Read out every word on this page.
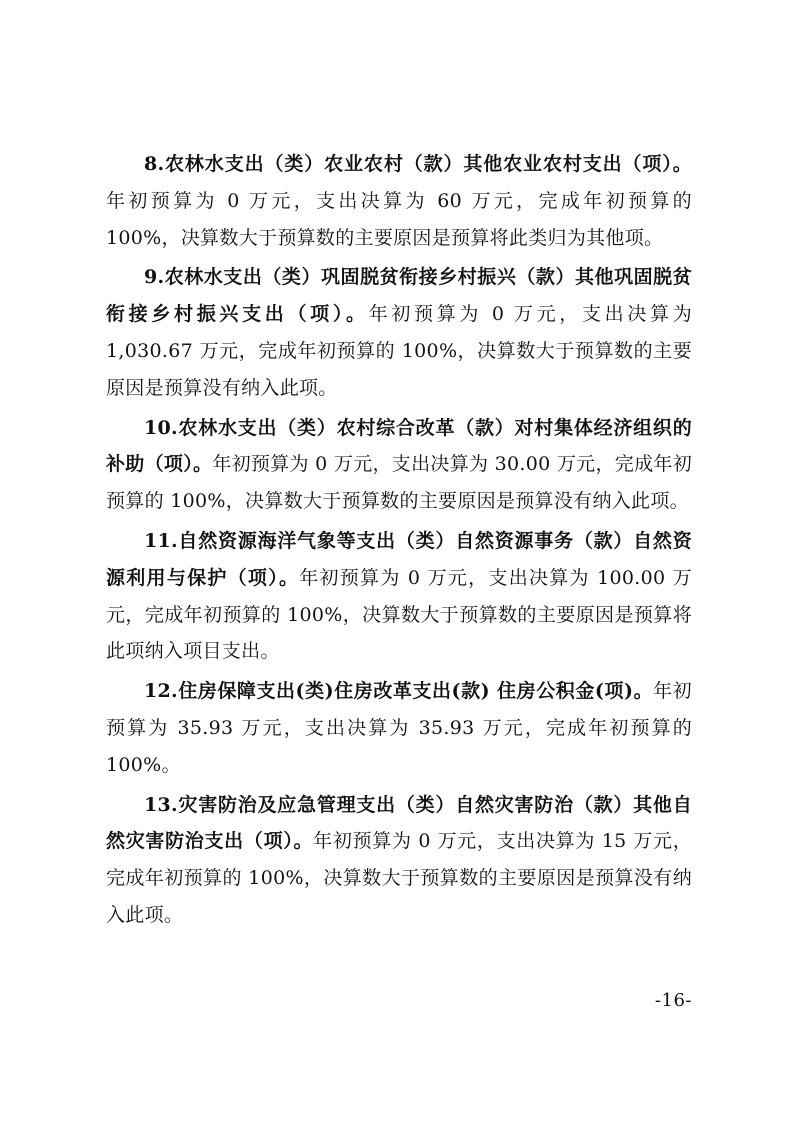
8.农林水支出（类）农业农村（款）其他农业农村支出（项）。年初预算为 0 万元，支出决算为 60 万元，完成年初预算的 100%，决算数大于预算数的主要原因是预算将此类归为其他项。

9.农林水支出（类）巩固脱贫衔接乡村振兴（款）其他巩固脱贫衔接乡村振兴支出（项）。年初预算为 0 万元，支出决算为 1,030.67 万元，完成年初预算的 100%，决算数大于预算数的主要原因是预算没有纳入此项。

10.农林水支出（类）农村综合改革（款）对村集体经济组织的补助（项）。年初预算为 0 万元，支出决算为 30.00 万元，完成年初预算的 100%，决算数大于预算数的主要原因是预算没有纳入此项。

11.自然资源海洋气象等支出（类）自然资源事务（款）自然资源利用与保护（项）。年初预算为 0 万元，支出决算为 100.00 万元，完成年初预算的 100%，决算数大于预算数的主要原因是预算将此项纳入项目支出。

12.住房保障支出(类)住房改革支出(款) 住房公积金(项)。年初预算为 35.93 万元，支出决算为 35.93 万元，完成年初预算的 100%。

13.灾害防治及应急管理支出（类）自然灾害防治（款）其他自然灾害防治支出（项）。年初预算为 0 万元，支出决算为 15 万元，完成年初预算的 100%，决算数大于预算数的主要原因是预算没有纳入此项。

-16-
